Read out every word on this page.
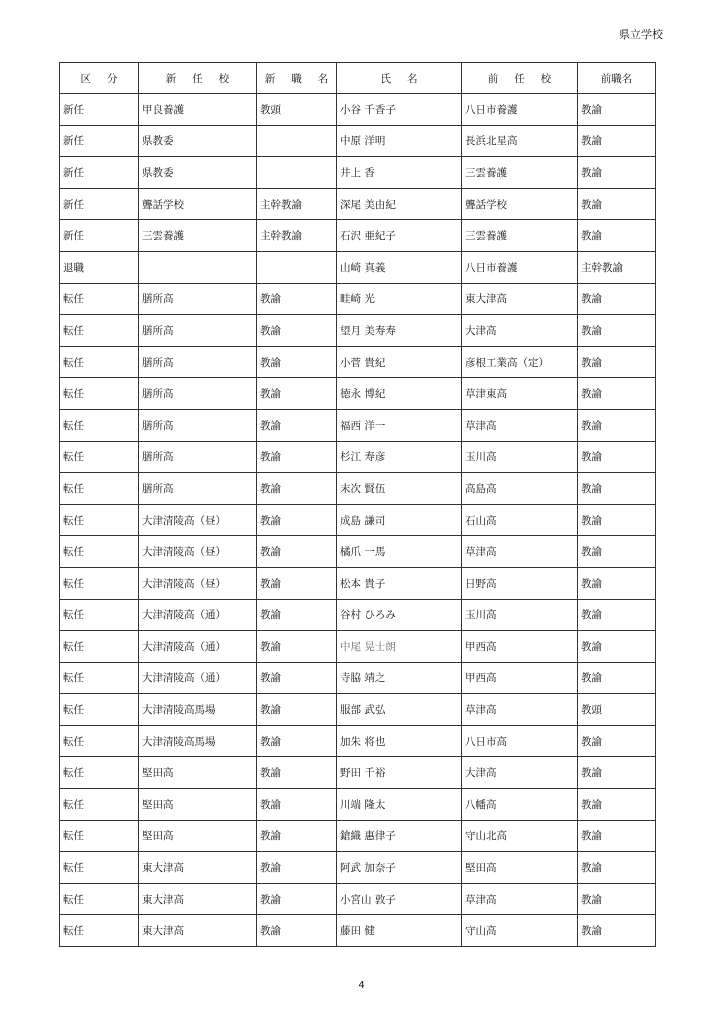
県立学校
区 分	新 任 校	新 職 名	氏 名	前 任 校	前職名
新任	甲良養護	教頭	小谷 千香子	八日市養護	教諭
新任	県教委		中原 洋明	長浜北星高	教諭
新任	県教委		井上 香	三雲養護	教諭
新任	聾話学校	主幹教諭	深尾 美由紀	聾話学校	教諭
新任	三雲養護	主幹教諭	石沢 亜紀子	三雲養護	教諭
退職			山崎 真義	八日市養護	主幹教諭
転任	膳所高	教諭	畦崎 光	東大津高	教諭
転任	膳所高	教諭	望月 美寿寿	大津高	教諭
転任	膳所高	教諭	小菅 貴紀	彦根工業高（定）	教諭
転任	膳所高	教諭	徳永 博紀	草津東高	教諭
転任	膳所高	教諭	福西 洋一	草津高	教諭
転任	膳所高	教諭	杉江 寿彦	玉川高	教諭
転任	膳所高	教諭	末次 賢伍	高島高	教諭
転任	大津清陵高（昼）	教諭	成島 謙司	石山高	教諭
転任	大津清陵高（昼）	教諭	橘爪 一馬	草津高	教諭
転任	大津清陵高（昼）	教諭	松本 貴子	日野高	教諭
転任	大津清陵高（通）	教諭	谷村 ひろみ	玉川高	教諭
転任	大津清陵高（通）	教諭	中尾 晃士朗	甲西高	教諭
転任	大津清陵高（通）	教諭	寺脇 靖之	甲西高	教諭
転任	大津清陵高馬場	教諭	服部 武弘	草津高	教頭
転任	大津清陵高馬場	教諭	加朱 将也	八日市高	教諭
転任	堅田高	教諭	野田 千裕	大津高	教諭
転任	堅田高	教諭	川端 隆太	八幡高	教諭
転任	堅田高	教諭	鎗織 惠律子	守山北高	教諭
転任	東大津高	教諭	阿武 加奈子	堅田高	教諭
転任	東大津高	教諭	小宮山 敦子	草津高	教諭
転任	東大津高	教諭	藤田 健	守山高	教諭
4
